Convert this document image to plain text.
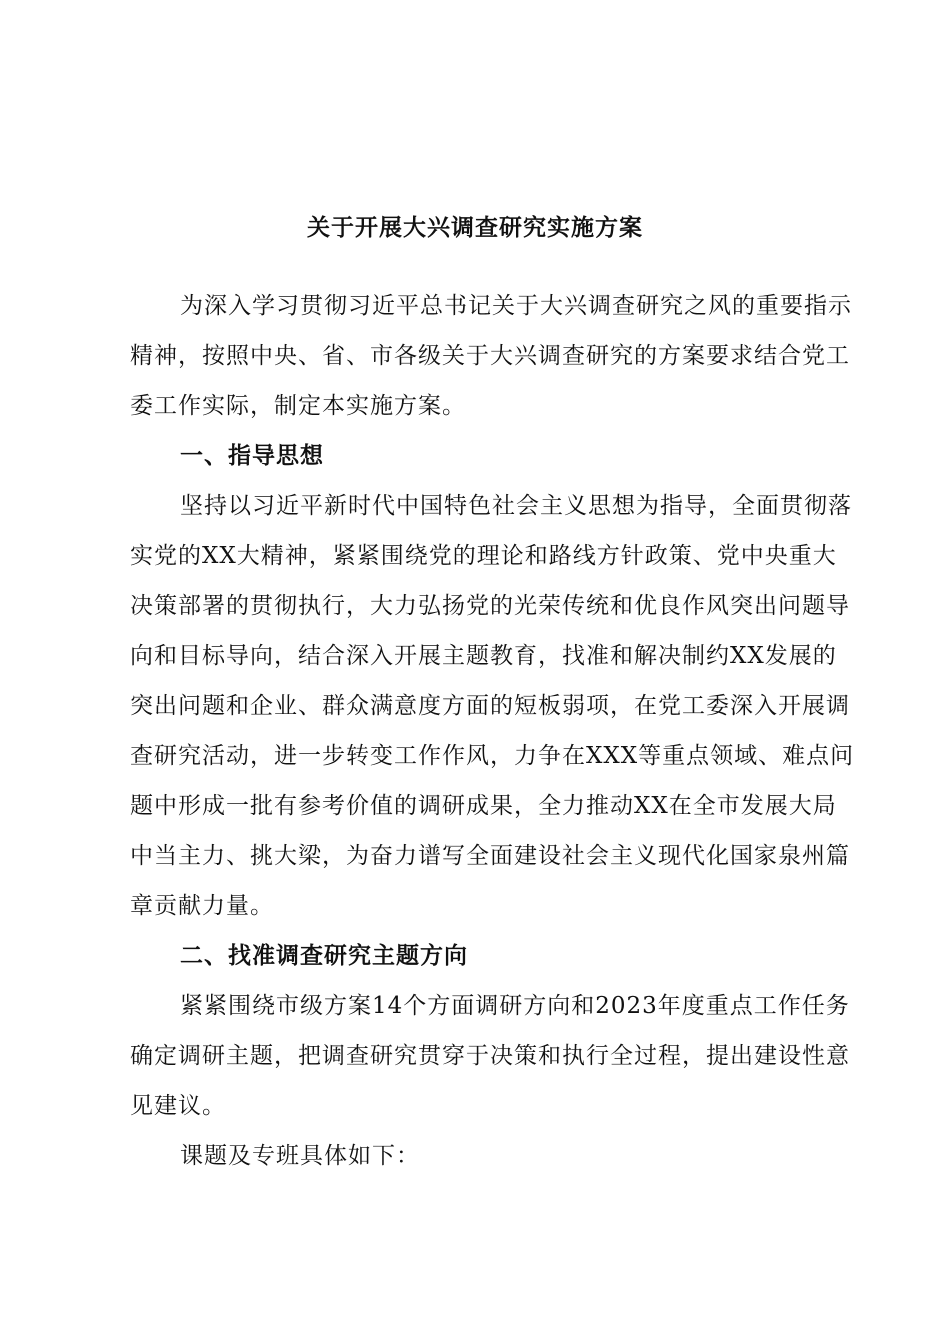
关于开展大兴调查研究实施方案

为深入学习贯彻习近平总书记关于大兴调查研究之风的重要指示精神，按照中央、省、市各级关于大兴调查研究的方案要求结合党工委工作实际，制定本实施方案。

一、指导思想

坚持以习近平新时代中国特色社会主义思想为指导，全面贯彻落实党的XX大精神，紧紧围绕党的理论和路线方针政策、党中央重大决策部署的贯彻执行，大力弘扬党的光荣传统和优良作风突出问题导向和目标导向，结合深入开展主题教育，找准和解决制约XX发展的突出问题和企业、群众满意度方面的短板弱项，在党工委深入开展调查研究活动，进一步转变工作作风，力争在XXX等重点领域、难点问题中形成一批有参考价值的调研成果，全力推动XX在全市发展大局中当主力、挑大梁，为奋力谱写全面建设社会主义现代化国家泉州篇章贡献力量。

二、找准调查研究主题方向

紧紧围绕市级方案14个方面调研方向和2023年度重点工作任务确定调研主题，把调查研究贯穿于决策和执行全过程，提出建设性意见建议。

课题及专班具体如下：
